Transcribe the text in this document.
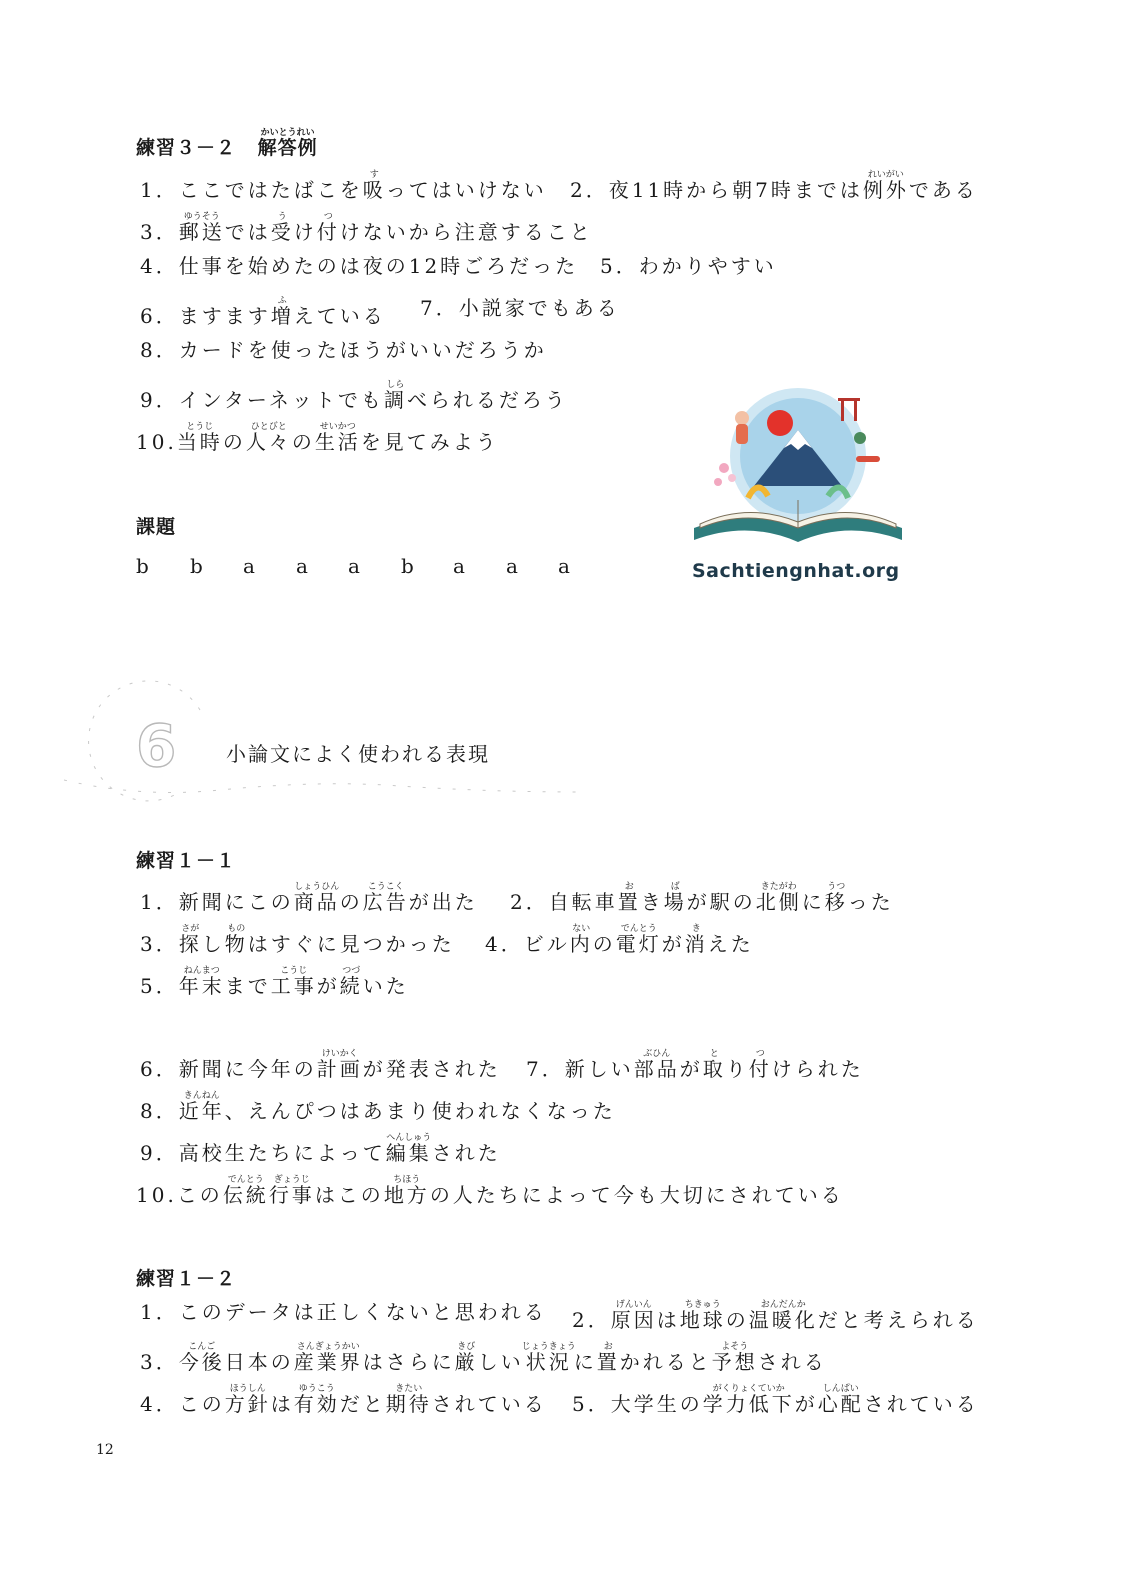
練習３－２ 解答例かいとうれい
1．ここではたばこを吸すってはいけない 2．夜11時から朝7時までは例外れいがいである
3．郵送ゆうそうでは受うけ付つけないから注意すること
4．仕事を始めたのは夜の12時ごろだった 5．わかりやすい
6．ますます増ふえている 7．小説家でもある
8．カードを使ったほうがいいだろうか
9．インターネットでも調しらべられるだろう
10.当時とうじの人々ひとびとの生活せいかつを見てみよう
課題
b b a a a b a a a	Sachtiengnhat.org
6 小論文によく使われる表現
練習１－１
1．新聞にこの商品しょうひんの広告こうこくが出た 2．自転車置おき場ばが駅の北側きたがわに移うつった
3．探さがし物ものはすぐに見つかった 4．ビル内ないの電灯でんとうが消きえた
5．年末ねんまつまで工事こうじが続つづいた
6．新聞に今年の計画けいかくが発表された 7．新しい部品ぶひんが取とり付つけられた
8．近年きんねん、えんぴつはあまり使われなくなった
9．高校生たちによって編集へんしゅうされた
10.この伝統でんとう行事ぎょうじはこの地方ちほうの人たちによって今も大切にされている
練習１－２
1．このデータは正しくないと思われる 2．原因げんいんは地球ちきゅうの温暖化おんだんかだと考えられる
3．今後こんご日本の産業界さんぎょうかいはさらに厳きびしい状況じょうきょうに置おかれると予想よそうされる
4．この方針ほうしんは有効ゆうこうだと期待きたいされている 5．大学生の学力低下がくりょくていかが心配しんぱいされている
12
